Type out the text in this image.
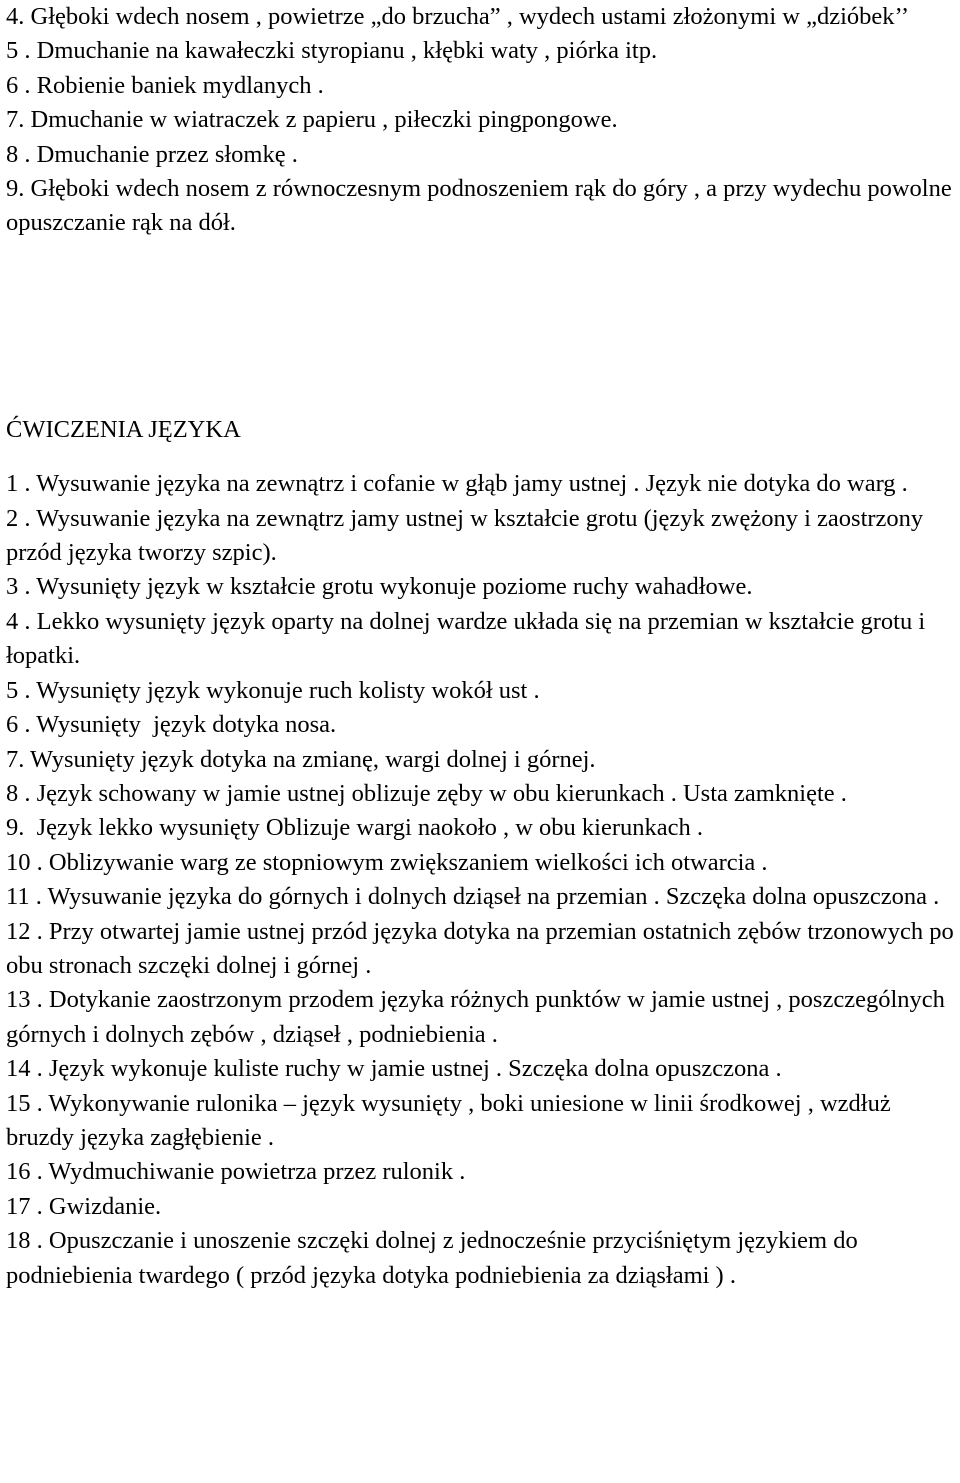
4. Głęboki wdech nosem , powietrze „do brzucha” , wydech ustami złożonymi w „dzióbek’’

5 . Dmuchanie na kawałeczki styropianu , kłębki waty , piórka itp.

6 . Robienie baniek mydlanych .

7. Dmuchanie w wiatraczek z papieru , piłeczki pingpongowe.

8 . Dmuchanie przez słomkę .

9. Głęboki wdech nosem z równoczesnym podnoszeniem rąk do góry , a przy wydechu powolne opuszczanie rąk na dół.

ĆWICZENIA JĘZYKA

1 . Wysuwanie języka na zewnątrz i cofanie w głąb jamy ustnej . Język nie dotyka do warg .

2 . Wysuwanie języka na zewnątrz jamy ustnej w kształcie grotu (język zwężony i zaostrzony  przód języka tworzy szpic).

3 . Wysunięty język w kształcie grotu wykonuje poziome ruchy wahadłowe.

4 . Lekko wysunięty język oparty na dolnej wardze układa się na przemian w kształcie grotu i łopatki.

5 . Wysunięty język wykonuje ruch kolisty wokół ust .

6 . Wysunięty  język dotyka nosa.

7. Wysunięty język dotyka na zmianę, wargi dolnej i górnej.

8 . Język schowany w jamie ustnej oblizuje zęby w obu kierunkach . Usta zamknięte .

9.  Język lekko wysunięty Oblizuje wargi naokoło , w obu kierunkach .

10 . Oblizywanie warg ze stopniowym zwiększaniem wielkości ich otwarcia .

11 . Wysuwanie języka do górnych i dolnych dziąseł na przemian . Szczęka dolna opuszczona .

12 . Przy otwartej jamie ustnej przód języka dotyka na przemian ostatnich zębów trzonowych po obu stronach szczęki dolnej i górnej .

13 . Dotykanie zaostrzonym przodem języka różnych punktów w jamie ustnej , poszczególnych górnych i dolnych zębów , dziąseł , podniebienia .

14 . Język wykonuje kuliste ruchy w jamie ustnej . Szczęka dolna opuszczona .

15 . Wykonywanie rulonika – język wysunięty , boki uniesione w linii środkowej , wzdłuż bruzdy języka zagłębienie .

16 . Wydmuchiwanie powietrza przez rulonik .

17 . Gwizdanie.

18 . Opuszczanie i unoszenie szczęki dolnej z jednocześnie przyciśniętym językiem do podniebienia twardego ( przód języka dotyka podniebienia za dziąsłami ) .
